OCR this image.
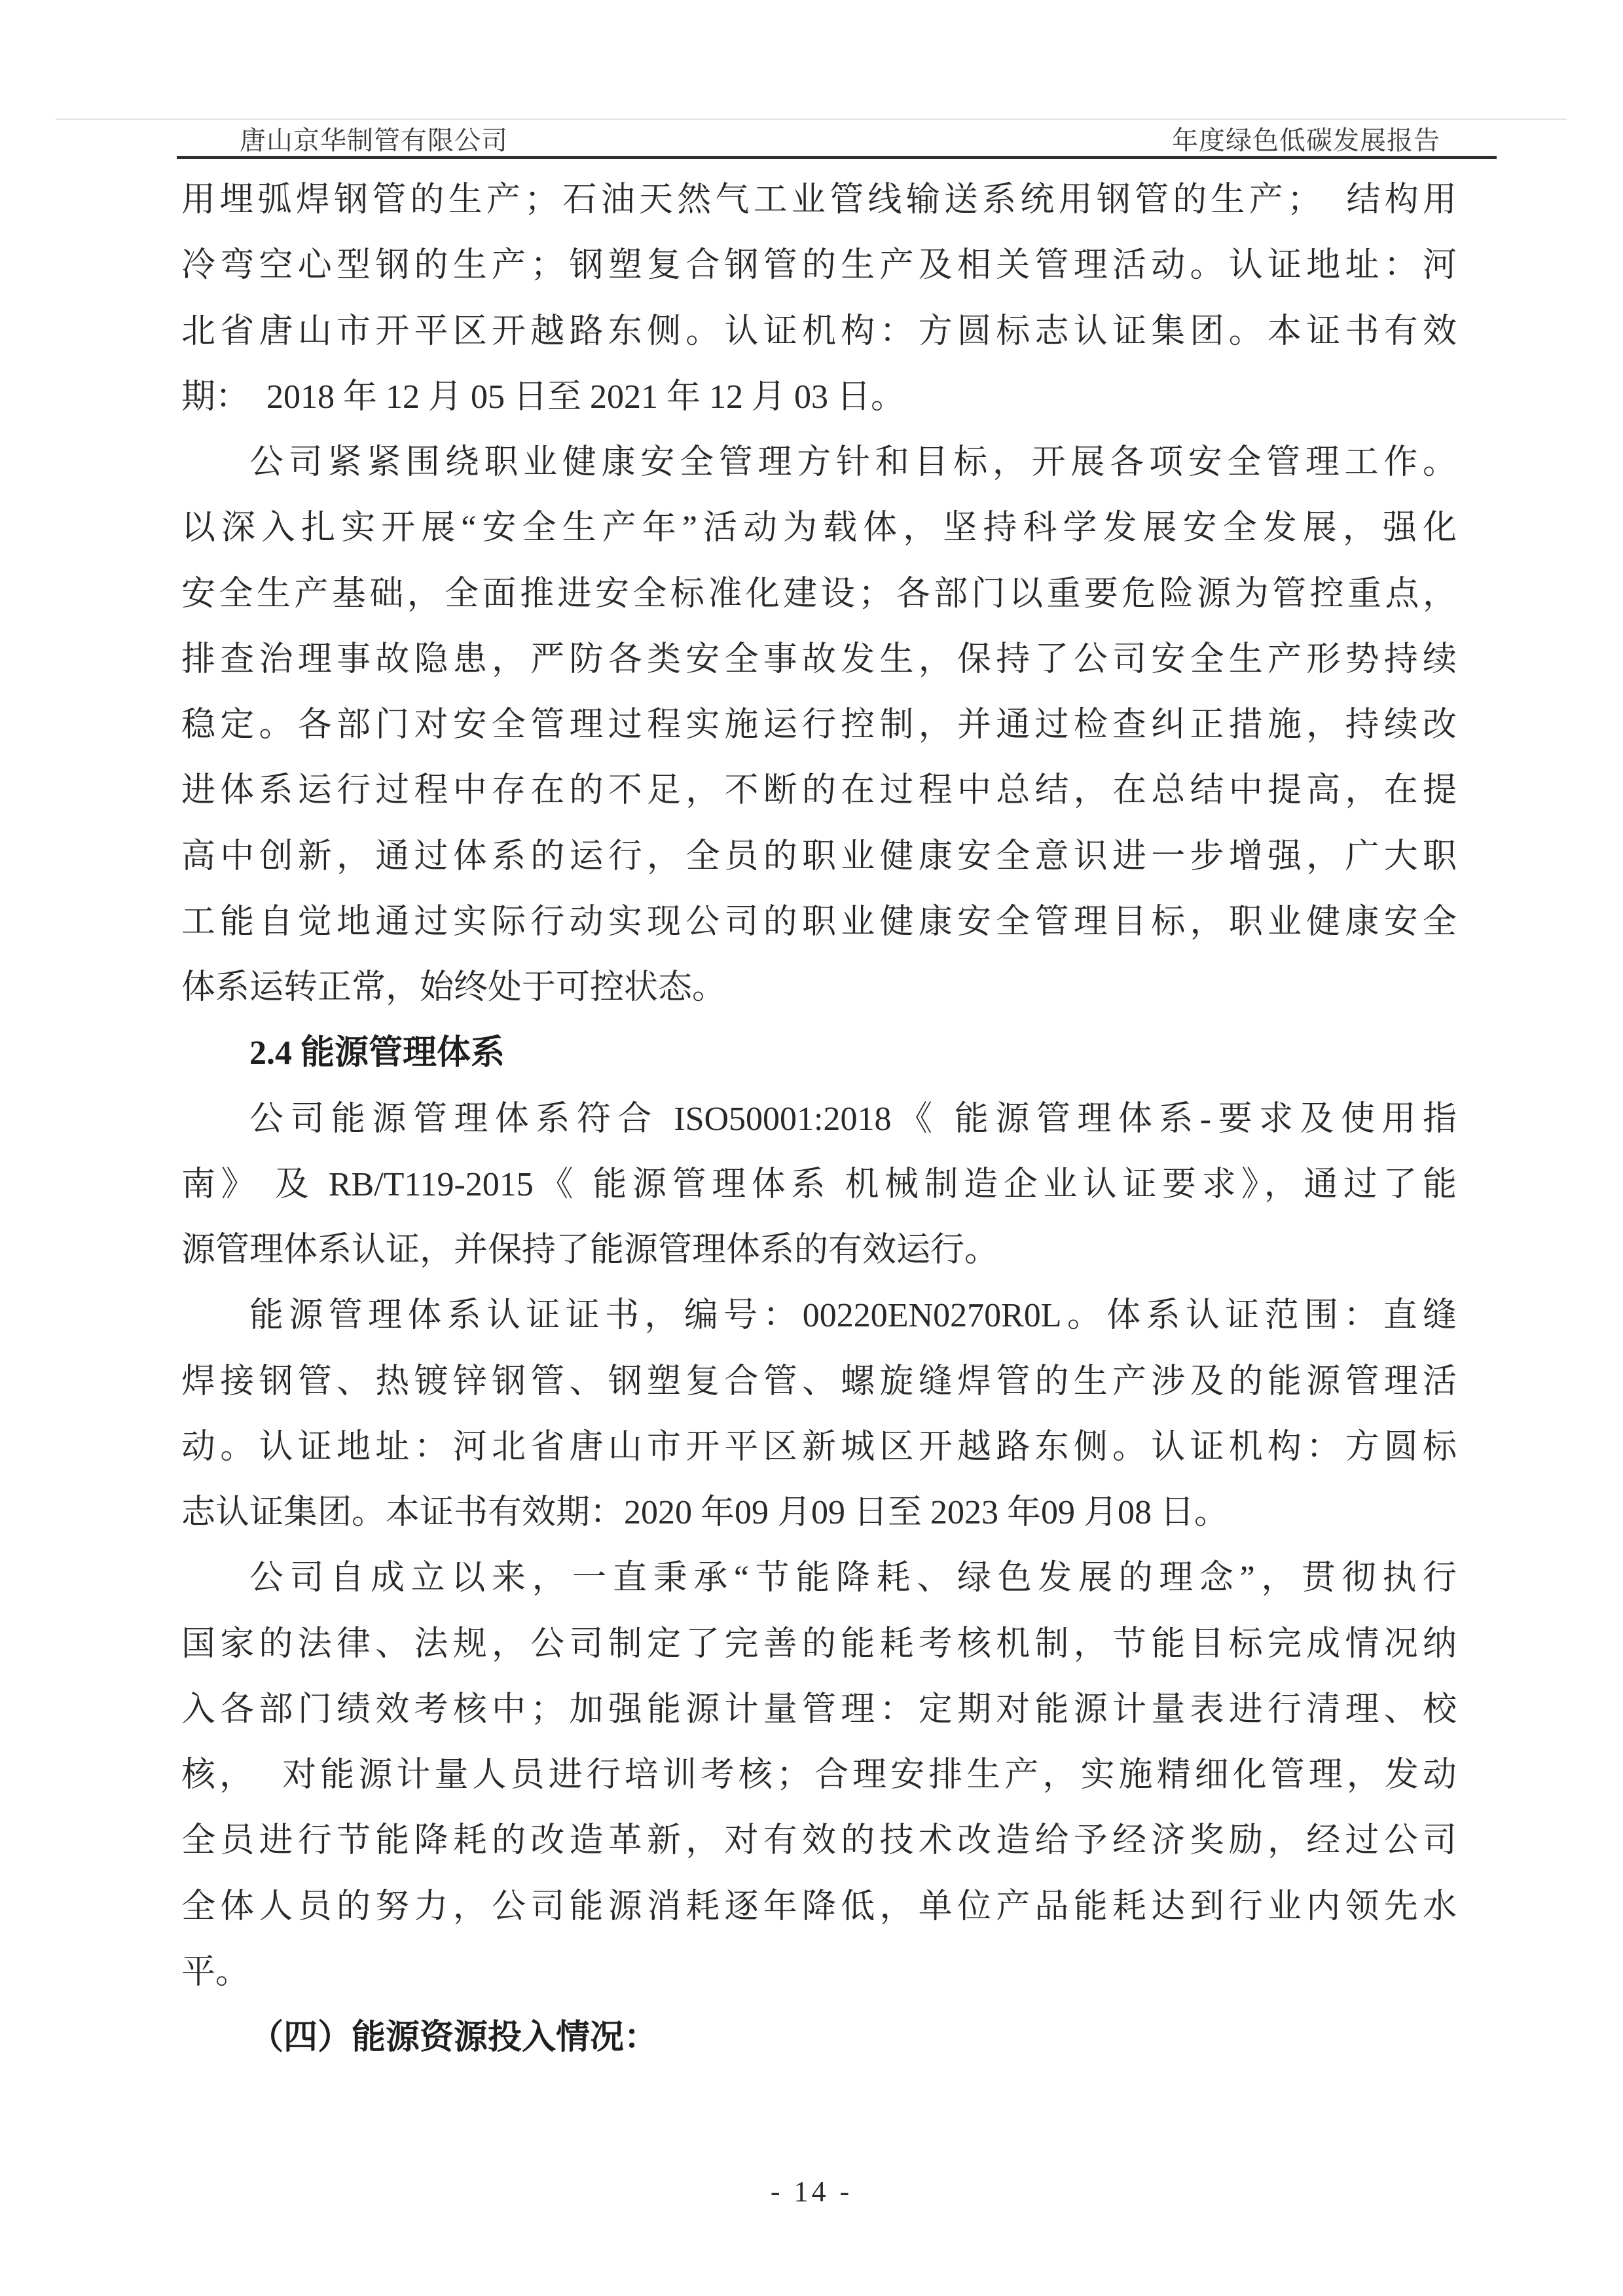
唐山京华制管有限公司	年度绿色低碳发展报告
用埋弧焊钢管的生产；石油天然气工业管线输送系统用钢管的生产；  结构用
冷弯空心型钢的生产；钢塑复合钢管的生产及相关管理活动。认证地址：河
北省唐山市开平区开越路东侧。认证机构：方圆标志认证集团。本证书有效
期：  2018 年 12 月 05 日至 2021 年 12 月 03 日。
公司紧紧围绕职业健康安全管理方针和目标，开展各项安全管理工作。
以深入扎实开展“安全生产年”活动为载体，坚持科学发展安全发展，强化
安全生产基础，全面推进安全标准化建设；各部门以重要危险源为管控重点，
排查治理事故隐患，严防各类安全事故发生，保持了公司安全生产形势持续
稳定。各部门对安全管理过程实施运行控制，并通过检查纠正措施，持续改
进体系运行过程中存在的不足，不断的在过程中总结，在总结中提高，在提
高中创新，通过体系的运行，全员的职业健康安全意识进一步增强，广大职
工能自觉地通过实际行动实现公司的职业健康安全管理目标，职业健康安全
体系运转正常，始终处于可控状态。
2.4 能源管理体系
公司能源管理体系符合 ISO50001:2018《 能源管理体系-要求及使用指
南》 及 RB/T119-2015《 能源管理体系 机械制造企业认证要求》，通过了能
源管理体系认证，并保持了能源管理体系的有效运行。
能源管理体系认证证书，编号：00220EN0270R0L。体系认证范围：直缝
焊接钢管、热镀锌钢管、钢塑复合管、螺旋缝焊管的生产涉及的能源管理活
动。认证地址：河北省唐山市开平区新城区开越路东侧。认证机构：方圆标
志认证集团。本证书有效期：2020 年09 月09 日至 2023 年09 月08 日。
公司自成立以来，一直秉承“节能降耗、绿色发展的理念”，贯彻执行
国家的法律、法规，公司制定了完善的能耗考核机制，节能目标完成情况纳
入各部门绩效考核中；加强能源计量管理：定期对能源计量表进行清理、校
核，  对能源计量人员进行培训考核；合理安排生产，实施精细化管理，发动
全员进行节能降耗的改造革新，对有效的技术改造给予经济奖励，经过公司
全体人员的努力，公司能源消耗逐年降低，单位产品能耗达到行业内领先水
平。
（四）能源资源投入情况：
- 14 -
